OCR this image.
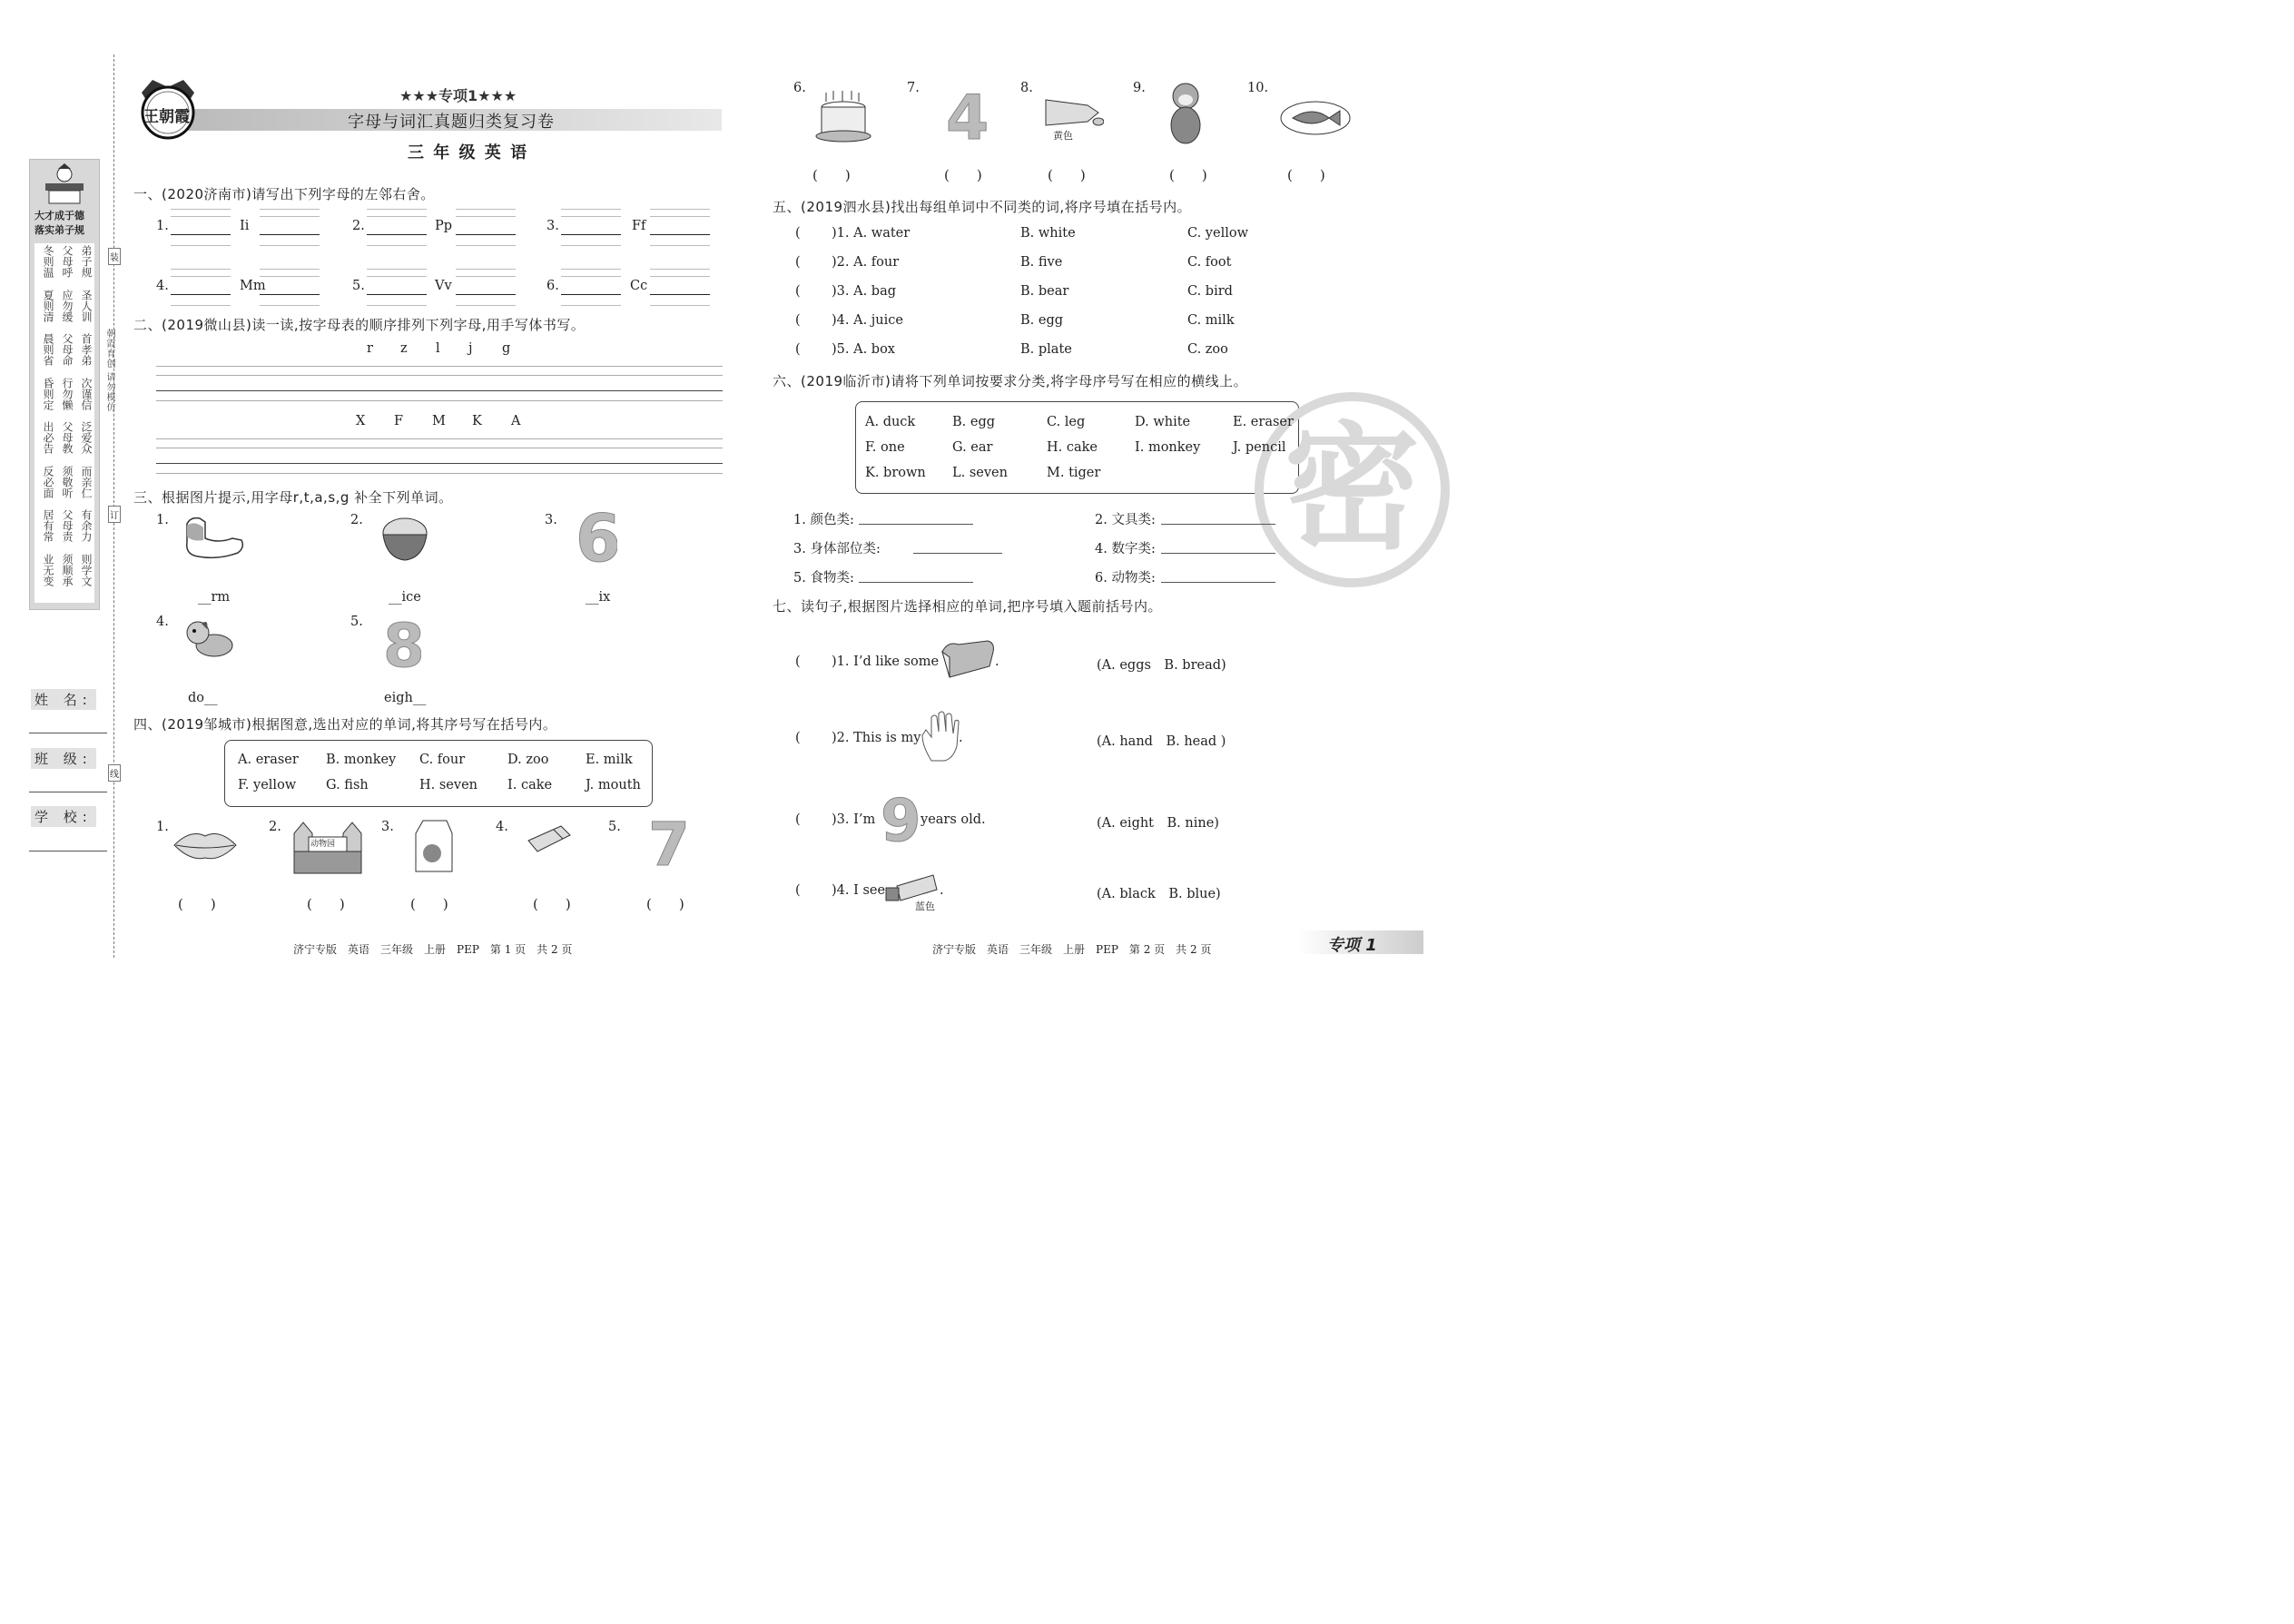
大才成于德
落实弟子规
姓 名:
班 级:
学 校:
装
订
线
朝霞育创 请勿模仿
王朝霞
★★★专项1★★★
字母与词汇真题归类复习卷
三 年 级 英 语
一、(2020济南市)请写出下列字母的左邻右舍。
二、(2019微山县)读一读,按字母表的顺序排列下列字母,用手写体书写。
三、根据图片提示,用字母r,t,a,s,g 补全下列单词。
四、(2019邹城市)根据图意,选出对应的单词,将其序号写在括号内。
五、(2019泗水县)找出每组单词中不同类的词,将序号填在括号内。
六、(2019临沂市)请将下列单词按要求分类,将字母序号写在相应的横线上。
七、读句子,根据图片选择相应的单词,把序号填入题前括号内。
密
济宁专版　英语　三年级　上册　PEP　第 1 页　共 2 页	济宁专版　英语　三年级　上册　PEP　第 2 页　共 2 页	专项 1
冬则温 父母呼 弟子规
夏则清 应勿缓 圣人训
晨则省 父母命 首孝弟
昏则定 行勿懒 次谨信
出必告 父母教 泛爱众
反必面 须敬听 而亲仁
居有常 父母责 有余力
业无变 须顺承 则学文
1.	Ii	2.	Pp	3.	Ff
4.	Mm	5.	Vv	6.	Cc
r z l j g
X F M K A
1.
__rm
2.
__ice
3. 6
__ix
4.
do__
5. 8
eigh__
A. eraser B. monkey C. four	D. zoo	E. milk
F. yellow G. fish	H. seven I. cake	J. mouth
1.
(　　)
2.
动物园
(　　)
3.
(　　)
4.
(　　)
5. 7
(　　)
6.
(　　)
7. 4
(　　)
8.
黄色
(　　)
9.
(　　)
10.
(　　)
( )1. A. water	B. white	C. yellow
( )2. A. four	B. five	C. foot
( )3. A. bag	B. bear	C. bird
( )4. A. juice	B. egg	C. milk
( )5. A. box	B. plate	C. zoo
A. duck	B. egg	C. leg	D. white	E. eraser
F. one	G. ear	H. cake	I. monkey J. pencil
K. brown L. seven	M. tiger
1. 颜色类:	2. 文具类:
3. 身体部位类:	4. 数字类:
5. 食物类:	6. 动物类:
( )1. I’d like some	.	(A. eggs　B. bread)
( )2. This is my	.	(A. hand　B. head )
( )3. I’m 9 years old.	(A. eight　B. nine)
( )4. I see
蓝色
.	(A. black　B. blue)
